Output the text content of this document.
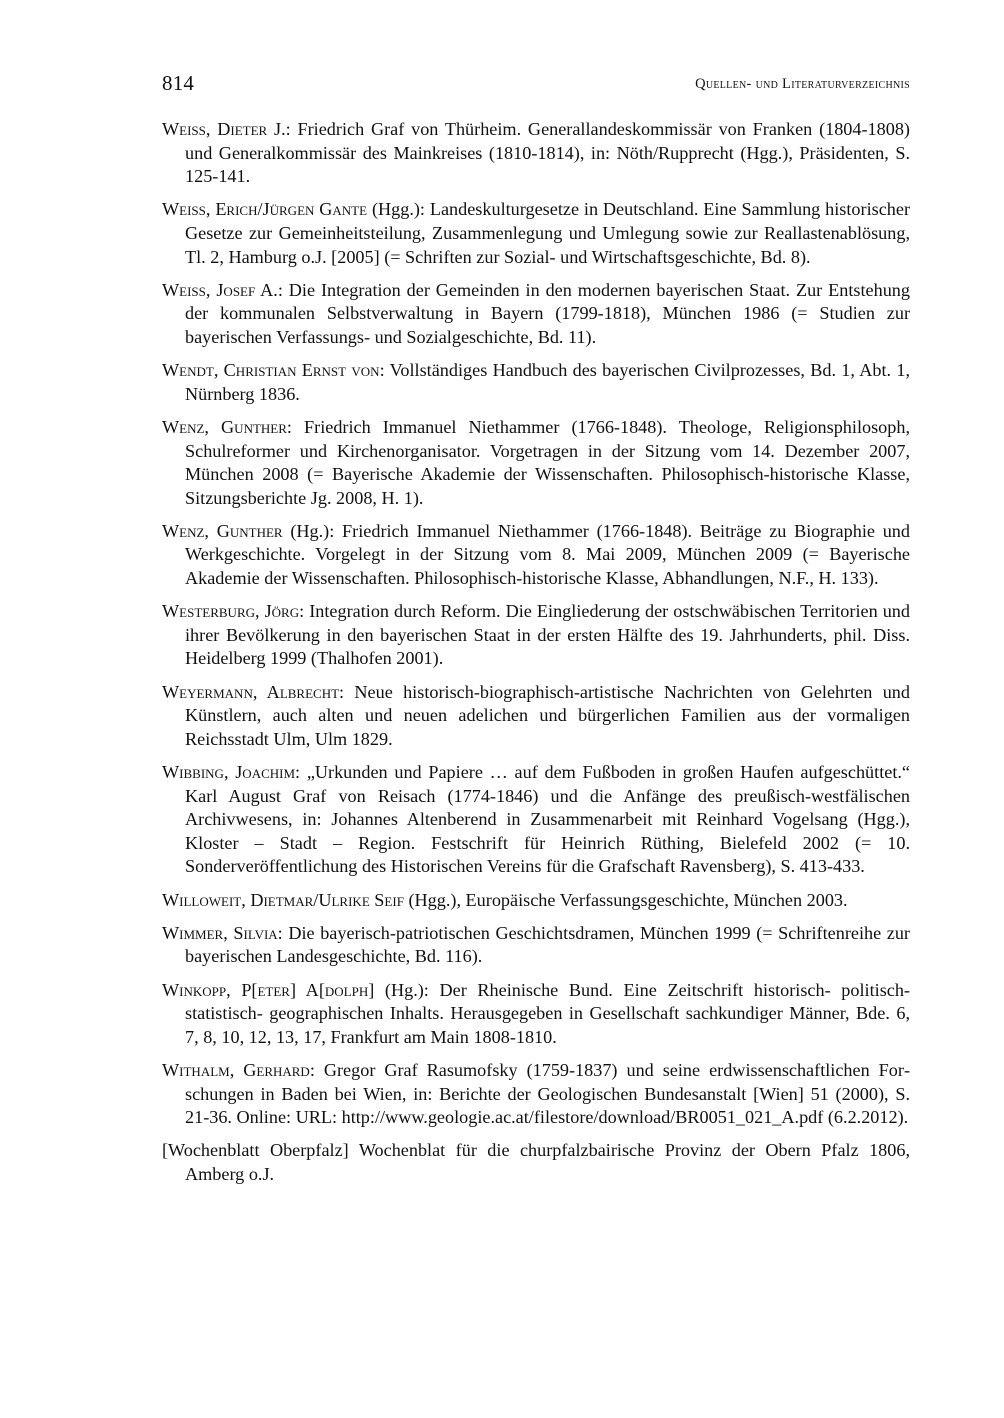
814	Quellen- und Literaturverzeichnis

Weiss, Dieter J.: Friedrich Graf von Thürheim. Generallandeskommissär von Franken (1804-1808) und Generalkommissär des Mainkreises (1810-1814), in: Nöth/Rupprecht (Hgg.), Präsidenten, S. 125-141.

Weiss, Erich/Jürgen Gante (Hgg.): Landeskulturgesetze in Deutschland. Eine Sammlung historischer Gesetze zur Gemeinheitsteilung, Zusammenlegung und Umlegung sowie zur Reallastenablösung, Tl. 2, Hamburg o.J. [2005] (= Schriften zur Sozial- und Wirtschaftsgeschichte, Bd. 8).

Weiss, Josef A.: Die Integration der Gemeinden in den modernen bayerischen Staat. Zur Entstehung der kommunalen Selbstverwaltung in Bayern (1799-1818), München 1986 (= Studien zur bayerischen Verfassungs- und Sozialgeschichte, Bd. 11).

Wendt, Christian Ernst von: Vollständiges Handbuch des bayerischen Civilprozesses, Bd. 1, Abt. 1, Nürnberg 1836.

Wenz, Gunther: Friedrich Immanuel Niethammer (1766-1848). Theologe, Religionsphilosoph, Schulreformer und Kirchenorganisator. Vorgetragen in der Sitzung vom 14. Dezember 2007, München 2008 (= Bayerische Akademie der Wissenschaften. Philosophisch-historische Klasse, Sitzungsberichte Jg. 2008, H. 1).

Wenz, Gunther (Hg.): Friedrich Immanuel Niethammer (1766-1848). Beiträge zu Biographie und Werkgeschichte. Vorgelegt in der Sitzung vom 8. Mai 2009, München 2009 (= Bayerische Akademie der Wissenschaften. Philosophisch-historische Klasse, Abhandlungen, N.F., H. 133).

Westerburg, Jörg: Integration durch Reform. Die Eingliederung der ostschwäbischen Territorien und ihrer Bevölkerung in den bayerischen Staat in der ersten Hälfte des 19. Jahrhunderts, phil. Diss. Heidelberg 1999 (Thalhofen 2001).

Weyermann, Albrecht: Neue historisch-biographisch-artistische Nachrichten von Gelehrten und Künstlern, auch alten und neuen adelichen und bürgerlichen Familien aus der vormaligen Reichsstadt Ulm, Ulm 1829.

Wibbing, Joachim: „Urkunden und Papiere … auf dem Fußboden in großen Haufen aufgeschüttet.“ Karl August Graf von Reisach (1774-1846) und die Anfänge des preußisch-westfälischen Archivwesens, in: Johannes Altenberend in Zusammenarbeit mit Reinhard Vogelsang (Hgg.), Kloster – Stadt – Region. Festschrift für Heinrich Rüthing, Bielefeld 2002 (= 10. Sonderveröffentlichung des Historischen Vereins für die Grafschaft Ravensberg), S. 413-433.

Willoweit, Dietmar/Ulrike Seif (Hgg.), Europäische Verfassungsgeschichte, München 2003.

Wimmer, Silvia: Die bayerisch-patriotischen Geschichtsdramen, München 1999 (= Schriftenreihe zur bayerischen Landesgeschichte, Bd. 116).

Winkopp, P[eter] A[dolph] (Hg.): Der Rheinische Bund. Eine Zeitschrift historisch- politisch-statistisch- geographischen Inhalts. Herausgegeben in Gesellschaft sachkundiger Männer, Bde. 6, 7, 8, 10, 12, 13, 17, Frankfurt am Main 1808-1810.

Withalm, Gerhard: Gregor Graf Rasumofsky (1759-1837) und seine erdwissenschaftlichen Forschungen in Baden bei Wien, in: Berichte der Geologischen Bundesanstalt [Wien] 51 (2000), S. 21-36. Online: URL: http://www.geologie.ac.at/filestore/download/BR0051_021_A.pdf (6.2.2012).

[Wochenblatt Oberpfalz] Wochenblat für die churpfalzbairische Provinz der Obern Pfalz 1806, Amberg o.J.
